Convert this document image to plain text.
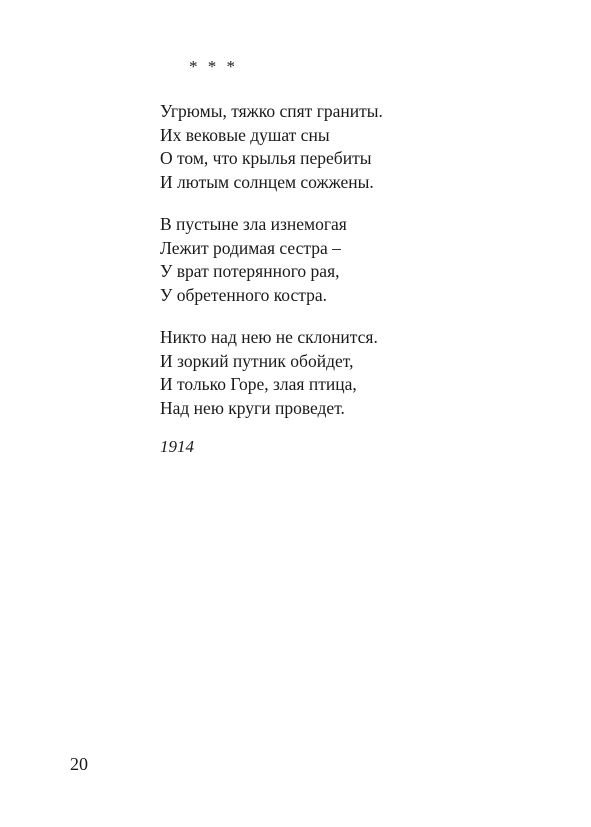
* * *
Угрюмы, тяжко спят граниты.
Их вековые душат сны
О том, что крылья перебиты
И лютым солнцем сожжены.
В пустыне зла изнемогая
Лежит родимая сестра –
У врат потерянного рая,
У обретенного костра.
Никто над нею не склонится.
И зоркий путник обойдет,
И только Горе, злая птица,
Над нею круги проведет.
1914
20
